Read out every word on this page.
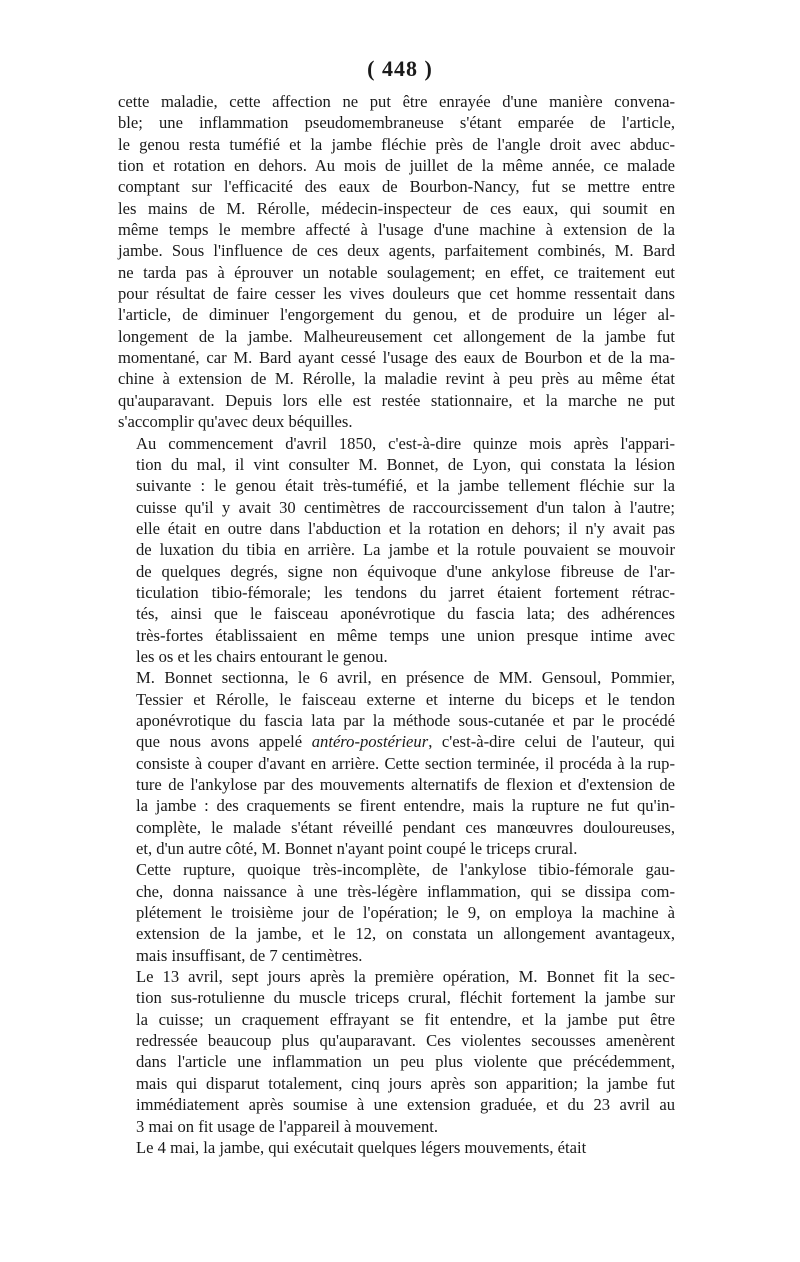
( 448 )
cette maladie, cette affection ne put être enrayée d'une manière convena-
ble; une inflammation pseudomembraneuse s'étant emparée de l'article,
le genou resta tuméfié et la jambe fléchie près de l'angle droit avec abduc-
tion et rotation en dehors. Au mois de juillet de la même année, ce malade
comptant sur l'efficacité des eaux de Bourbon-Nancy, fut se mettre entre
les mains de M. Rérolle, médecin-inspecteur de ces eaux, qui soumit en
même temps le membre affecté à l'usage d'une machine à extension de la
jambe. Sous l'influence de ces deux agents, parfaitement combinés, M. Bard
ne tarda pas à éprouver un notable soulagement; en effet, ce traitement eut
pour résultat de faire cesser les vives douleurs que cet homme ressentait dans
l'article, de diminuer l'engorgement du genou, et de produire un léger al-
longement de la jambe. Malheureusement cet allongement de la jambe fut
momentané, car M. Bard ayant cessé l'usage des eaux de Bourbon et de la ma-
chine à extension de M. Rérolle, la maladie revint à peu près au même état
qu'auparavant. Depuis lors elle est restée stationnaire, et la marche ne put
s'accomplir qu'avec deux béquilles.
Au commencement d'avril 1850, c'est-à-dire quinze mois après l'appari-
tion du mal, il vint consulter M. Bonnet, de Lyon, qui constata la lésion
suivante : le genou était très-tuméfié, et la jambe tellement fléchie sur la
cuisse qu'il y avait 30 centimètres de raccourcissement d'un talon à l'autre;
elle était en outre dans l'abduction et la rotation en dehors; il n'y avait pas
de luxation du tibia en arrière. La jambe et la rotule pouvaient se mouvoir
de quelques degrés, signe non équivoque d'une ankylose fibreuse de l'ar-
ticulation tibio-fémorale; les tendons du jarret étaient fortement rétrac-
tés, ainsi que le faisceau aponévrotique du fascia lata; des adhérences
très-fortes établissaient en même temps une union presque intime avec
les os et les chairs entourant le genou.
M. Bonnet sectionna, le 6 avril, en présence de MM. Gensoul, Pommier,
Tessier et Rérolle, le faisceau externe et interne du biceps et le tendon
aponévrotique du fascia lata par la méthode sous-cutanée et par le procédé
que nous avons appelé antéro-postérieur, c'est-à-dire celui de l'auteur, qui
consiste à couper d'avant en arrière. Cette section terminée, il procéda à la rup-
ture de l'ankylose par des mouvements alternatifs de flexion et d'extension de
la jambe : des craquements se firent entendre, mais la rupture ne fut qu'in-
complète, le malade s'étant réveillé pendant ces manœuvres douloureuses,
et, d'un autre côté, M. Bonnet n'ayant point coupé le triceps crural.
Cette rupture, quoique très-incomplète, de l'ankylose tibio-fémorale gau-
che, donna naissance à une très-légère inflammation, qui se dissipa com-
plétement le troisième jour de l'opération; le 9, on employa la machine à
extension de la jambe, et le 12, on constata un allongement avantageux,
mais insuffisant, de 7 centimètres.
Le 13 avril, sept jours après la première opération, M. Bonnet fit la sec-
tion sus-rotulienne du muscle triceps crural, fléchit fortement la jambe sur
la cuisse; un craquement effrayant se fit entendre, et la jambe put être
redressée beaucoup plus qu'auparavant. Ces violentes secousses amenèrent
dans l'article une inflammation un peu plus violente que précédemment,
mais qui disparut totalement, cinq jours après son apparition; la jambe fut
immédiatement après soumise à une extension graduée, et du 23 avril au
3 mai on fit usage de l'appareil à mouvement.
Le 4 mai, la jambe, qui exécutait quelques légers mouvements, était
